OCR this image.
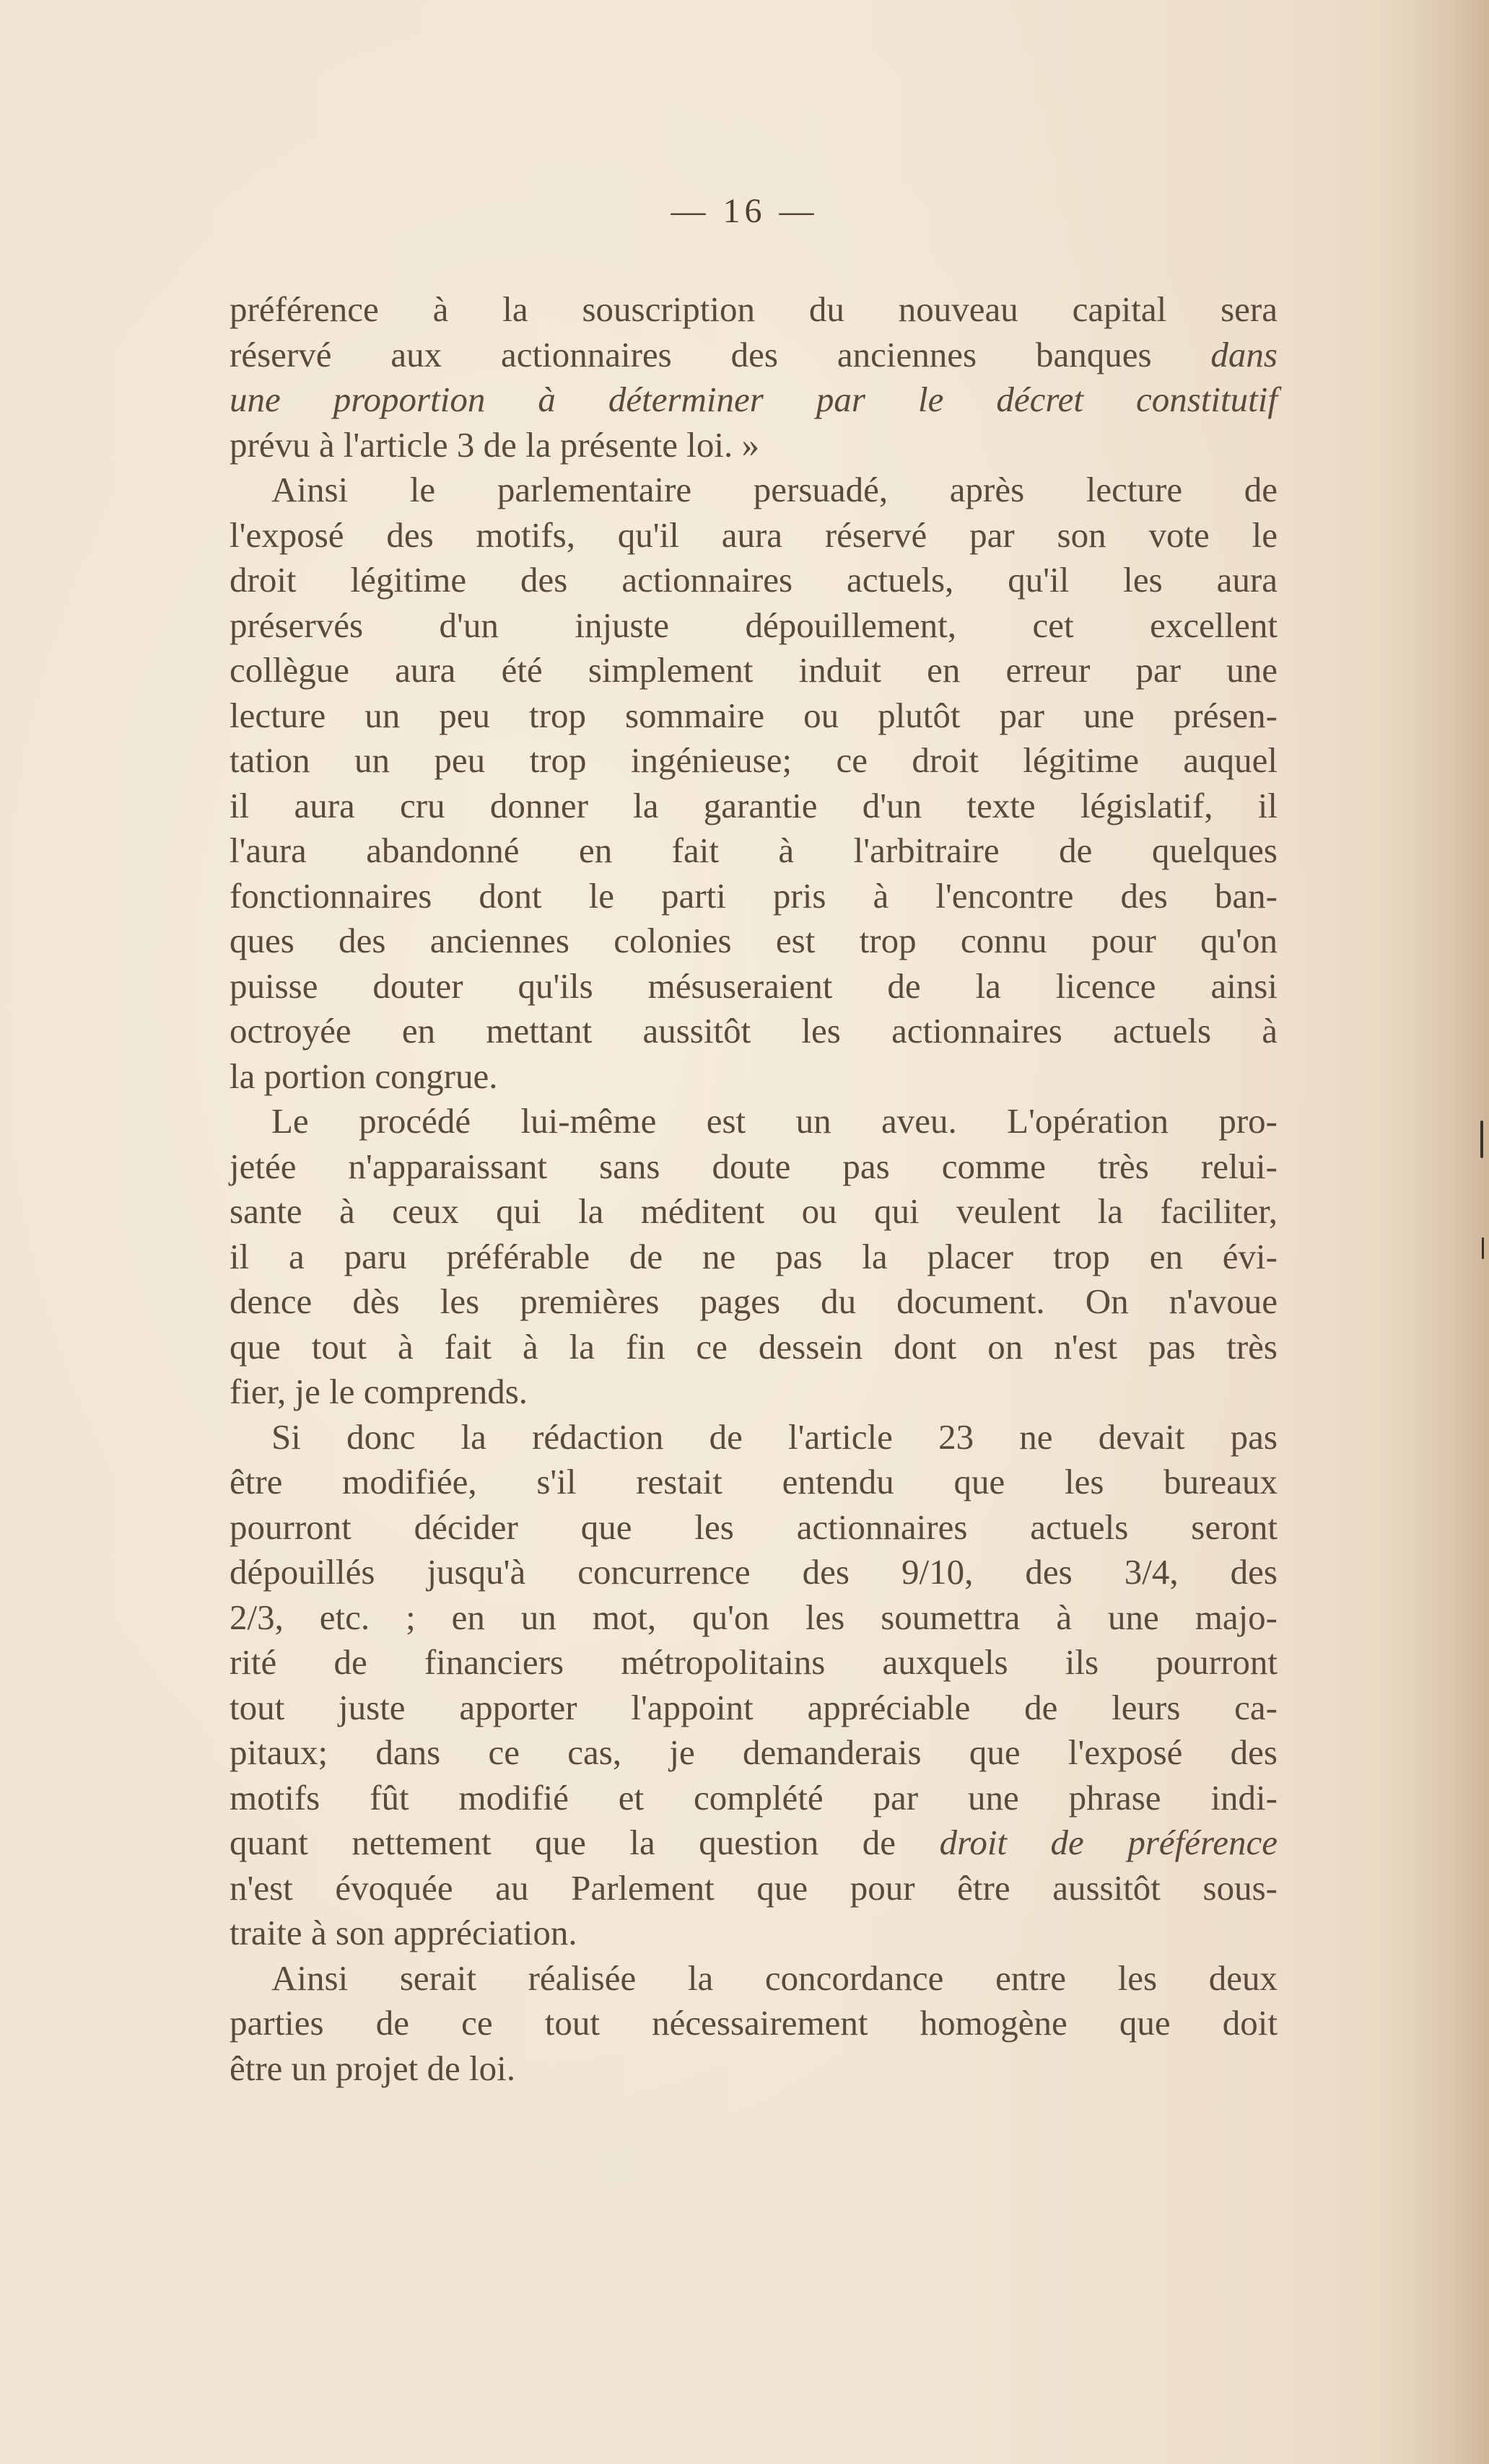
— 16 —
préférence à la souscription du nouveau capital sera
réservé aux actionnaires des anciennes banques dans
une proportion à déterminer par le décret constitutif
prévu à l'article 3 de la présente loi. »
Ainsi le parlementaire persuadé, après lecture de
l'exposé des motifs, qu'il aura réservé par son vote le
droit légitime des actionnaires actuels, qu'il les aura
préservés d'un injuste dépouillement, cet excellent
collègue aura été simplement induit en erreur par une
lecture un peu trop sommaire ou plutôt par une présen-
tation un peu trop ingénieuse; ce droit légitime auquel
il aura cru donner la garantie d'un texte législatif, il
l'aura abandonné en fait à l'arbitraire de quelques
fonctionnaires dont le parti pris à l'encontre des ban-
ques des anciennes colonies est trop connu pour qu'on
puisse douter qu'ils mésuseraient de la licence ainsi
octroyée en mettant aussitôt les actionnaires actuels à
la portion congrue.
Le procédé lui-même est un aveu. L'opération pro-
jetée n'apparaissant sans doute pas comme très relui-
sante à ceux qui la méditent ou qui veulent la faciliter,
il a paru préférable de ne pas la placer trop en évi-
dence dès les premières pages du document. On n'avoue
que tout à fait à la fin ce dessein dont on n'est pas très
fier, je le comprends.
Si donc la rédaction de l'article 23 ne devait pas
être modifiée, s'il restait entendu que les bureaux
pourront décider que les actionnaires actuels seront
dépouillés jusqu'à concurrence des 9/10, des 3/4, des
2/3, etc. ; en un mot, qu'on les soumettra à une majo-
rité de financiers métropolitains auxquels ils pourront
tout juste apporter l'appoint appréciable de leurs ca-
pitaux; dans ce cas, je demanderais que l'exposé des
motifs fût modifié et complété par une phrase indi-
quant nettement que la question de droit de préférence
n'est évoquée au Parlement que pour être aussitôt sous-
traite à son appréciation.
Ainsi serait réalisée la concordance entre les deux
parties de ce tout nécessairement homogène que doit
être un projet de loi.
